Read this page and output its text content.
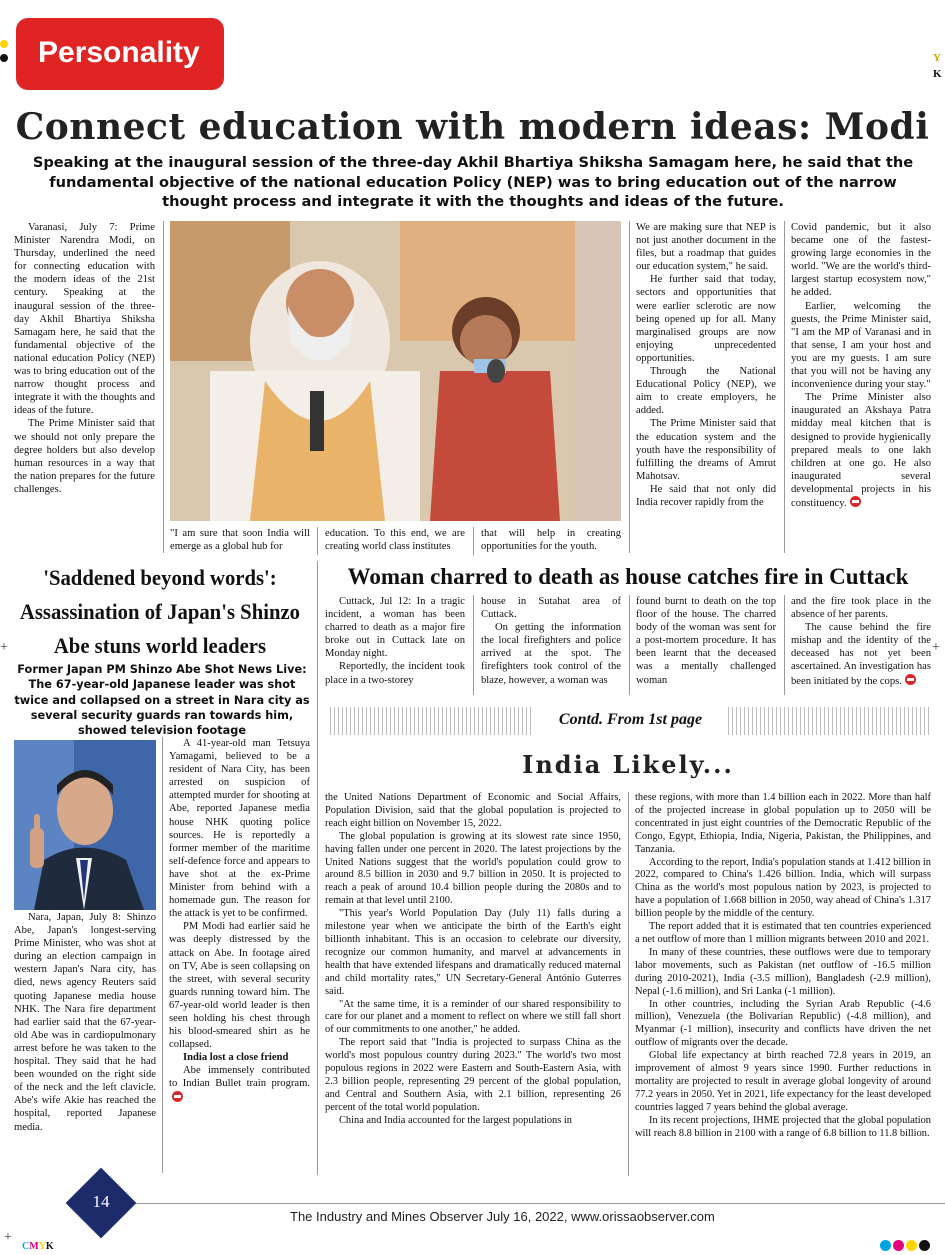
Y
K
Personality
Connect education with modern ideas: Modi
Speaking at the inaugural session of the three-day Akhil Bhartiya Shiksha Samagam here, he said that the fundamental objective of the national education Policy (NEP) was to bring education out of the narrow thought process and integrate it with the thoughts and ideas of the future.

Varanasi, July 7: Prime Minister Narendra Modi, on Thursday, underlined the need for connecting education with the modern ideas of the 21st century. Speaking at the inaugural session of the three-day Akhil Bhartiya Shiksha Samagam here, he said that the fundamental objective of the national education Policy (NEP) was to bring education out of the narrow thought process and integrate it with the thoughts and ideas of the future.

The Prime Minister said that we should not only prepare the degree holders but also develop human resources in a way that the nation prepares for the future challenges.

"I am sure that soon India will emerge as a global hub for
education. To this end, we are creating world class institutes
that will help in creating opportunities for the youth.

We are making sure that NEP is not just another document in the files, but a roadmap that guides our education system," he said.

He further said that today, sectors and opportunities that were earlier sclerotic are now being opened up for all. Many marginalised groups are now enjoying unprecedented opportunities.

Through the National Educational Policy (NEP), we aim to create employers, he added.

The Prime Minister said that the education system and the youth have the responsibility of fulfilling the dreams of Amrut Mahotsav.

He said that not only did India recover rapidly from the

Covid pandemic, but it also became one of the fastest-growing large economies in the world. "We are the world's third-largest startup ecosystem now," he added.

Earlier, welcoming the guests, the Prime Minister said, "I am the MP of Varanasi and in that sense, I am your host and you are my guests. I am sure that you will not be having any inconvenience during your stay."

The Prime Minister also inaugurated an Akshaya Patra midday meal kitchen that is designed to provide hygienically prepared meals to one lakh children at one go. He also inaugurated several developmental projects in his constituency.

'Saddened beyond words': Assassination of Japan's Shinzo Abe stuns world leaders
Former Japan PM Shinzo Abe Shot News Live: The 67-year-old Japanese leader was shot twice and collapsed on a street in Nara city as several security guards ran towards him, showed television footage

Nara, Japan, July 8: Shinzo Abe, Japan's longest-serving Prime Minister, who was shot at during an election campaign in western Japan's Nara city, has died, news agency Reuters said quoting Japanese media house NHK. The Nara fire department had earlier said that the 67-year-old Abe was in cardiopulmonary arrest before he was taken to the hospital. They said that he had been wounded on the right side of the neck and the left clavicle. Abe's wife Akie has reached the hospital, reported Japanese media.

A 41-year-old man Tetsuya Yamagami, believed to be a resident of Nara City, has been arrested on suspicion of attempted murder for shooting at Abe, reported Japanese media house NHK quoting police sources. He is reportedly a former member of the maritime self-defence force and appears to have shot at the ex-Prime Minister from behind with a homemade gun. The reason for the attack is yet to be confirmed.

PM Modi had earlier said he was deeply distressed by the attack on Abe. In footage aired on TV, Abe is seen collapsing on the street, with several security guards running toward him. The 67-year-old world leader is then seen holding his chest through his blood-smeared shirt as he collapsed.

India lost a close friend

Abe immensely contributed to Indian Bullet train program.

Woman charred to death as house catches fire in Cuttack

Cuttack, Jul 12: In a tragic incident, a woman has been charred to death as a major fire broke out in Cuttack late on Monday night.

Reportedly, the incident took place in a two-storey

house in Sutahat area of Cuttack.

On getting the information the local firefighters and police arrived at the spot. The firefighters took control of the blaze, however, a woman was

found burnt to death on the top floor of the house. The charred body of the woman was sent for a post-mortem procedure. It has been learnt that the deceased was a mentally challenged woman

and the fire took place in the absence of her parents.

The cause behind the fire mishap and the identity of the deceased has not yet been ascertained. An investigation has been initiated by the cops.

Contd. From 1st page
India Likely...

the United Nations Department of Economic and Social Affairs, Population Division, said that the global population is projected to reach eight billion on November 15, 2022.

The global population is growing at its slowest rate since 1950, having fallen under one percent in 2020. The latest projections by the United Nations suggest that the world's population could grow to around 8.5 billion in 2030 and 9.7 billion in 2050. It is projected to reach a peak of around 10.4 billion people during the 2080s and to remain at that level until 2100.

"This year's World Population Day (July 11) falls during a milestone year when we anticipate the birth of the Earth's eight billionth inhabitant. This is an occasion to celebrate our diversity, recognize our common humanity, and marvel at advancements in health that have extended lifespans and dramatically reduced maternal and child mortality rates," UN Secretary-General António Guterres said.

"At the same time, it is a reminder of our shared responsibility to care for our planet and a moment to reflect on where we still fall short of our commitments to one another," he added.

The report said that "India is projected to surpass China as the world's most populous country during 2023." The world's two most populous regions in 2022 were Eastern and South-Eastern Asia, with 2.3 billion people, representing 29 percent of the global population, and Central and Southern Asia, with 2.1 billion, representing 26 percent of the total world population.

China and India accounted for the largest populations in

these regions, with more than 1.4 billion each in 2022. More than half of the projected increase in global population up to 2050 will be concentrated in just eight countries of the Democratic Republic of the Congo, Egypt, Ethiopia, India, Nigeria, Pakistan, the Philippines, and Tanzania.

According to the report, India's population stands at 1.412 billion in 2022, compared to China's 1.426 billion. India, which will surpass China as the world's most populous nation by 2023, is projected to have a population of 1.668 billion in 2050, way ahead of China's 1.317 billion people by the middle of the century.

The report added that it is estimated that ten countries experienced a net outflow of more than 1 million migrants between 2010 and 2021.

In many of these countries, these outflows were due to temporary labor movements, such as Pakistan (net outflow of -16.5 million during 2010-2021), India (-3.5 million), Bangladesh (-2.9 million), Nepal (-1.6 million), and Sri Lanka (-1 million).

In other countries, including the Syrian Arab Republic (-4.6 million), Venezuela (the Bolivarian Republic) (-4.8 million), and Myanmar (-1 million), insecurity and conflicts have driven the net outflow of migrants over the decade.

Global life expectancy at birth reached 72.8 years in 2019, an improvement of almost 9 years since 1990. Further reductions in mortality are projected to result in average global longevity of around 77.2 years in 2050. Yet in 2021, life expectancy for the least developed countries lagged 7 years behind the global average.

In its recent projections, IHME projected that the global population will reach 8.8 billion in 2100 with a range of 6.8 billion to 11.8 billion.

14
The Industry and Mines Observer July 16, 2022, www.orissaobserver.com
CMYK
+	+
+
